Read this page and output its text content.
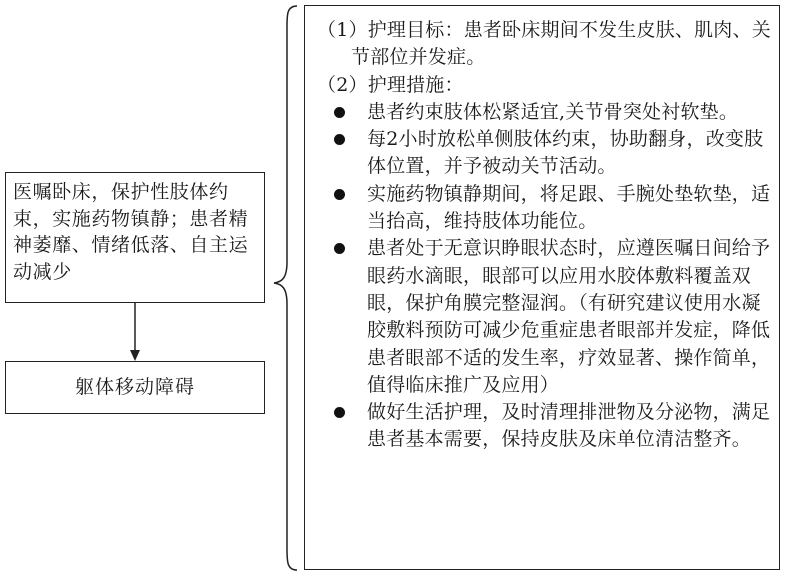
医嘱卧床，保护性肢体约束，实施药物镇静；患者精神萎靡、情绪低落、自主运动减少
躯体移动障碍

（1）护理目标：患者卧床期间不发生皮肤、肌肉、关节部位并发症。

（2）护理措施：

患者约束肢体松紧适宜,关节骨突处衬软垫。
每2小时放松单侧肢体约束，协助翻身，改变肢体位置，并予被动关节活动。
实施药物镇静期间，将足跟、手腕处垫软垫，适当抬高，维持肢体功能位。
患者处于无意识睁眼状态时，应遵医嘱日间给予眼药水滴眼，眼部可以应用水胶体敷料覆盖双眼，保护角膜完整湿润。（有研究建议使用水凝胶敷料预防可减少危重症患者眼部并发症，降低患者眼部不适的发生率，疗效显著、操作简单，值得临床推广及应用）
做好生活护理，及时清理排泄物及分泌物，满足患者基本需要，保持皮肤及床单位清洁整齐。
